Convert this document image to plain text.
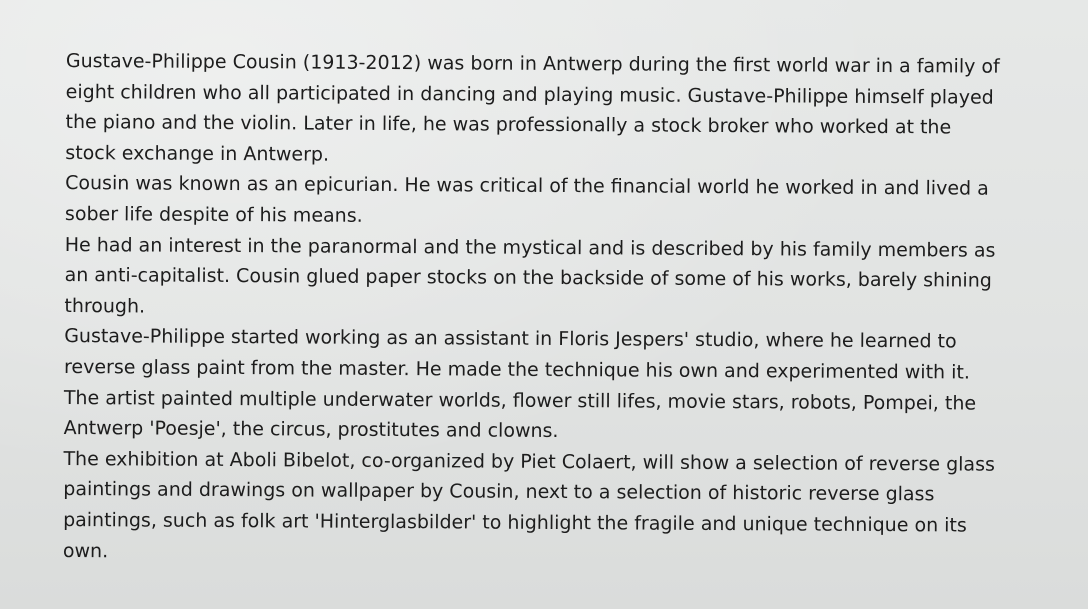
Gustave-Philippe Cousin (1913-2012) was born in Antwerp during the first world war in a family of
eight children who all participated in dancing and playing music. Gustave-Philippe himself played
the piano and the violin. Later in life, he was professionally a stock broker who worked at the
stock exchange in Antwerp.

Cousin was known as an epicurian. He was critical of the financial world he worked in and lived a
sober life despite of his means.

He had an interest in the paranormal and the mystical and is described by his family members as
an anti-capitalist. Cousin glued paper stocks on the backside of some of his works, barely shining
through.

Gustave-Philippe started working as an assistant in Floris Jespers' studio, where he learned to
reverse glass paint from the master. He made the technique his own and experimented with it.
The artist painted multiple underwater worlds, flower still lifes, movie stars, robots, Pompei, the
Antwerp 'Poesje', the circus, prostitutes and clowns.

The exhibition at Aboli Bibelot, co-organized by Piet Colaert, will show a selection of reverse glass
paintings and drawings on wallpaper by Cousin, next to a selection of historic reverse glass
paintings, such as folk art 'Hinterglasbilder' to highlight the fragile and unique technique on its
own.
